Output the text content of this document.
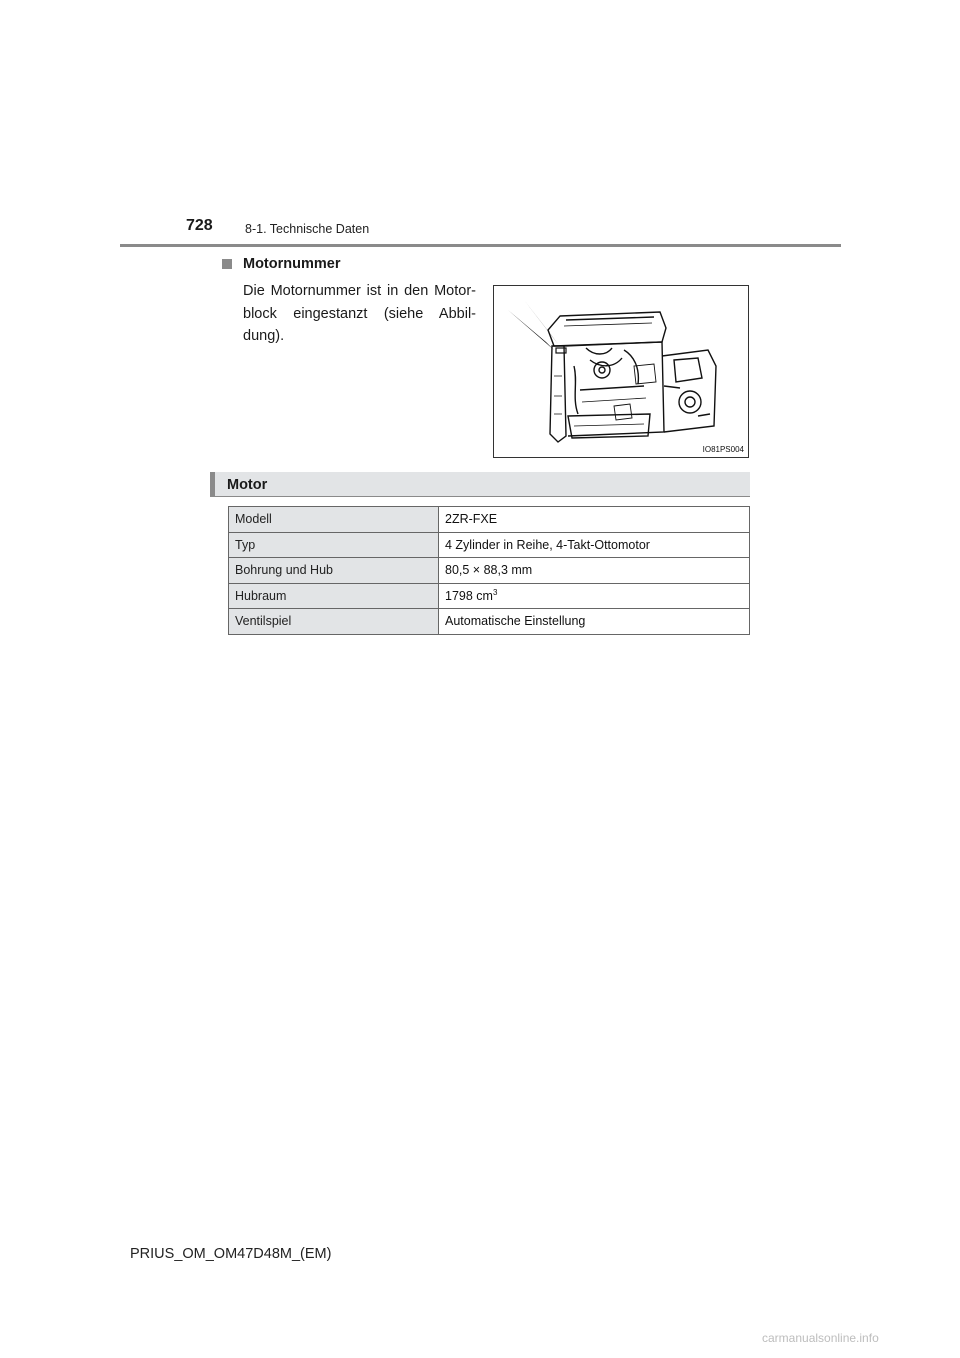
728	8-1. Technische Daten
Motornummer
Die Motornummer ist in den Motor-block eingestanzt (siehe Abbil-dung).
IO81PS004
Motor
Modell	2ZR-FXE
Typ	4 Zylinder in Reihe, 4-Takt-Ottomotor
Bohrung und Hub	80,5 × 88,3 mm
Hubraum	1798 $cm^3$
Ventilspiel	Automatische Einstellung
PRIUS_OM_OM47D48M_(EM)
carmanualsonline.info
